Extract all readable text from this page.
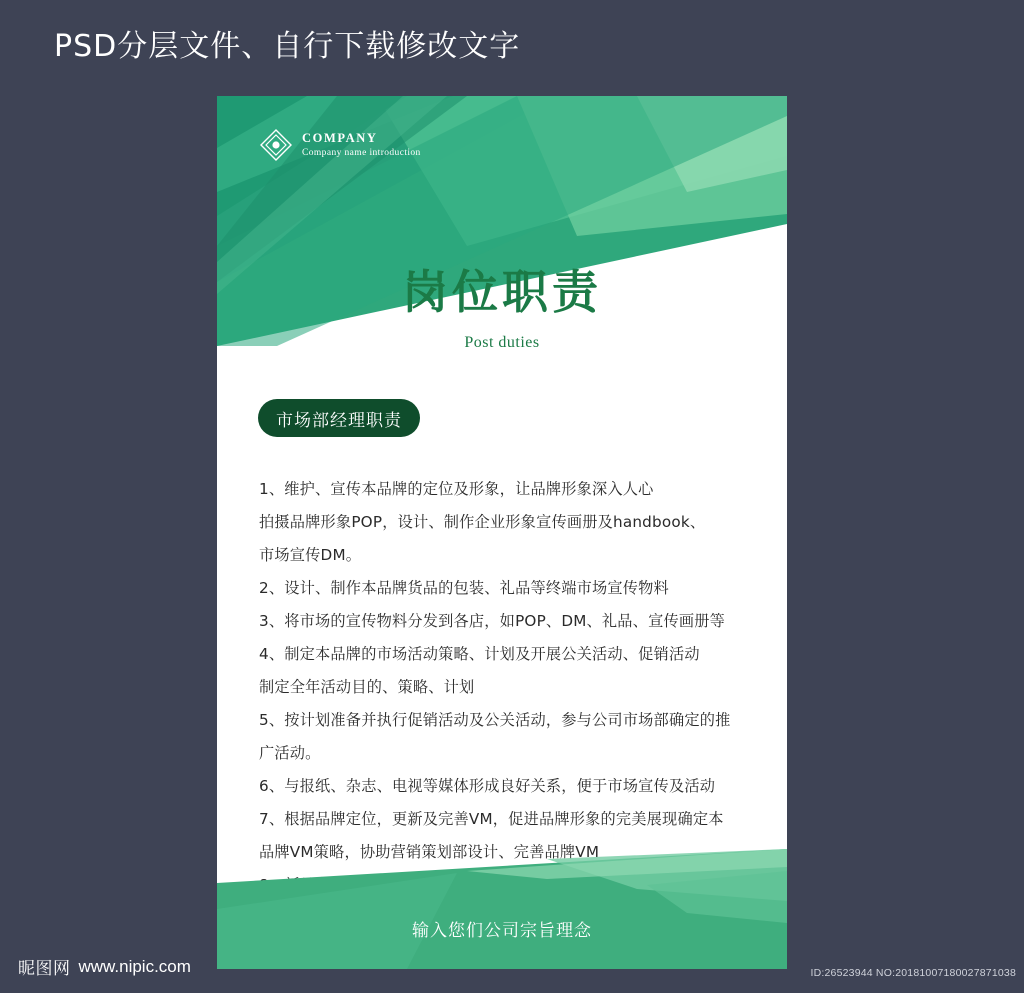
PSD分层文件、自行下载修改文字
COMPANY
Company name introduction
岗位职责
Post duties
市场部经理职责

1、维护、宣传本品牌的定位及形象，让品牌形象深入人心

拍摄品牌形象POP，设计、制作企业形象宣传画册及handbook、

市场宣传DM。

2、设计、制作本品牌货品的包装、礼品等终端市场宣传物料

3、将市场的宣传物料分发到各店，如POP、DM、礼品、宣传画册等

4、制定本品牌的市场活动策略、计划及开展公关活动、促销活动

制定全年活动目的、策略、计划

5、按计划准备并执行促销活动及公关活动，参与公司市场部确定的推

广活动。

6、与报纸、杂志、电视等媒体形成良好关系，便于市场宣传及活动

7、根据品牌定位，更新及完善VM，促进品牌形象的完美展现确定本

品牌VM策略，协助营销策划部设计、完善品牌VM

输入您们公司宗旨理念
昵图网 www.nipic.com	ID:26523944 NO:20181007180027871038
